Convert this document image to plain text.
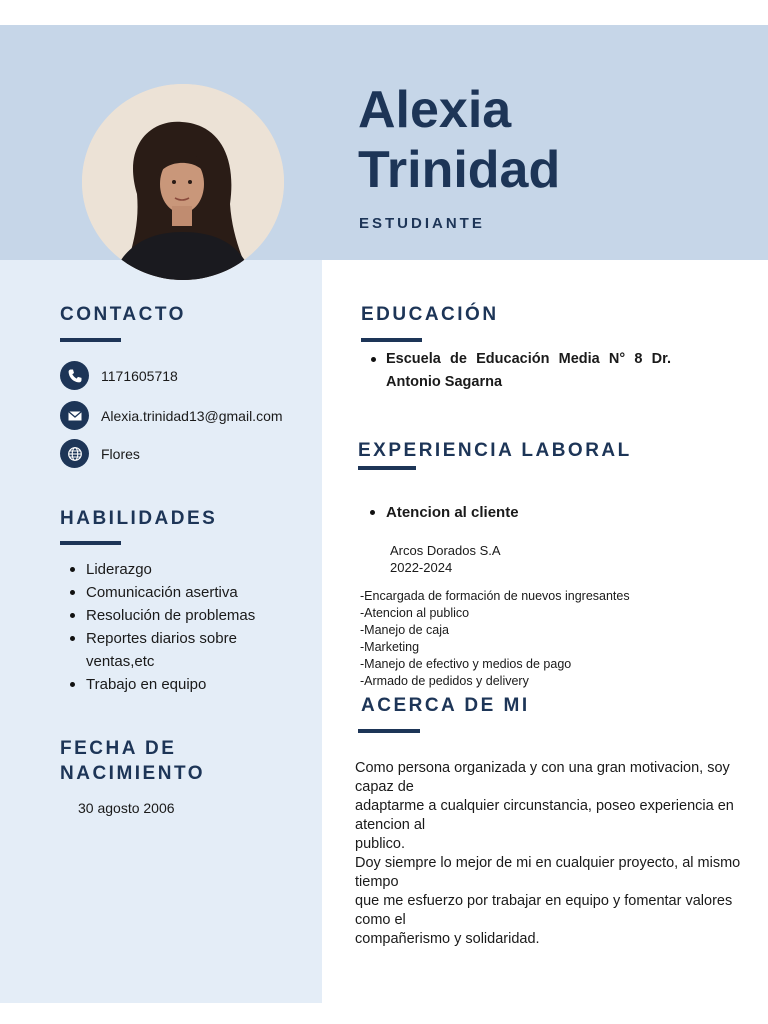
Alexia
Trinidad
ESTUDIANTE
CONTACTO
1171605718
Alexia.trinidad13@gmail.com
Flores
HABILIDADES
Liderazgo
Comunicación asertiva
Resolución de problemas
Reportes diarios sobre
ventas,etc
Trabajo en equipo
FECHA DE
NACIMIENTO
30 agosto 2006
EDUCACIÓN
Escuela de Educación Media N° 8 Dr.
Antonio Sagarna
EXPERIENCIA LABORAL
Atencion al cliente
Arcos Dorados S.A
2022-2024
-Encargada de formación de nuevos ingresantes
-Atencion al publico
-Manejo de caja
-Marketing
-Manejo de efectivo y medios de pago
-Armado de pedidos y delivery
ACERCA DE MI
Como persona organizada y con una gran motivacion, soy
capaz de
adaptarme a cualquier circunstancia, poseo experiencia en
atencion al
publico.
Doy siempre lo mejor de mi en cualquier proyecto, al mismo
tiempo
que me esfuerzo por trabajar en equipo y fomentar valores
como el
compañerismo y solidaridad.
